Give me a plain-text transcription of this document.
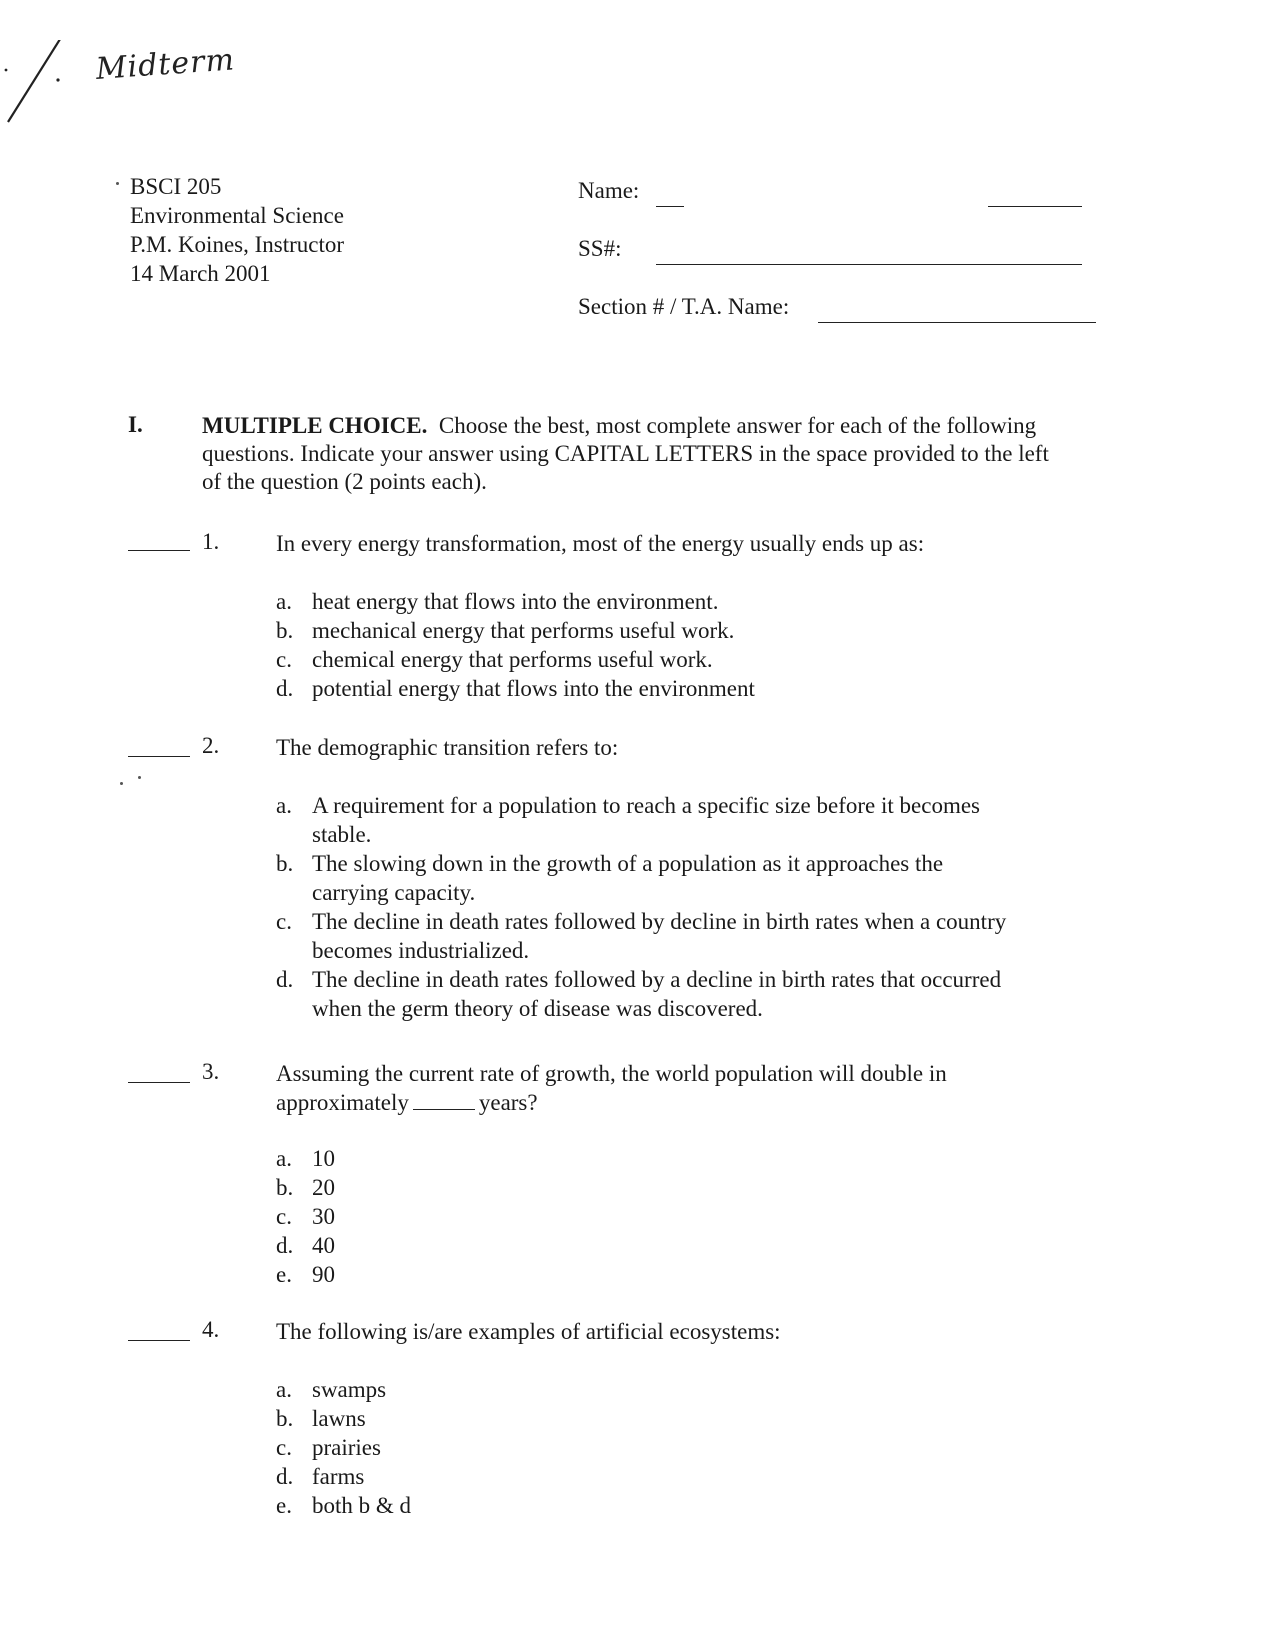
Midterm
BSCI 205
Environmental Science
P.M. Koines, Instructor
14 March 2001
Name:
SS#:
Section # / T.A. Name:
I.	MULTIPLE CHOICE. Choose the best, most complete answer for each of the following questions. Indicate your answer using CAPITAL LETTERS in the space provided to the left of the question (2 points each).
1. In every energy transformation, most of the energy usually ends up as:
a. heat energy that flows into the environment.
b. mechanical energy that performs useful work.
c. chemical energy that performs useful work.
d. potential energy that flows into the environment
2. The demographic transition refers to:
a. A requirement for a population to reach a specific size before it becomes stable.
b. The slowing down in the growth of a population as it approaches the carrying capacity.
c. The decline in death rates followed by decline in birth rates when a country becomes industrialized.
d. The decline in death rates followed by a decline in birth rates that occurred when the germ theory of disease was discovered.
3. Assuming the current rate of growth, the world population will double in approximately	years?
a. 10
b. 20
c. 30
d. 40
e. 90
4. The following is/are examples of artificial ecosystems:
a. swamps
b. lawns
c. prairies
d. farms
e. both b & d
